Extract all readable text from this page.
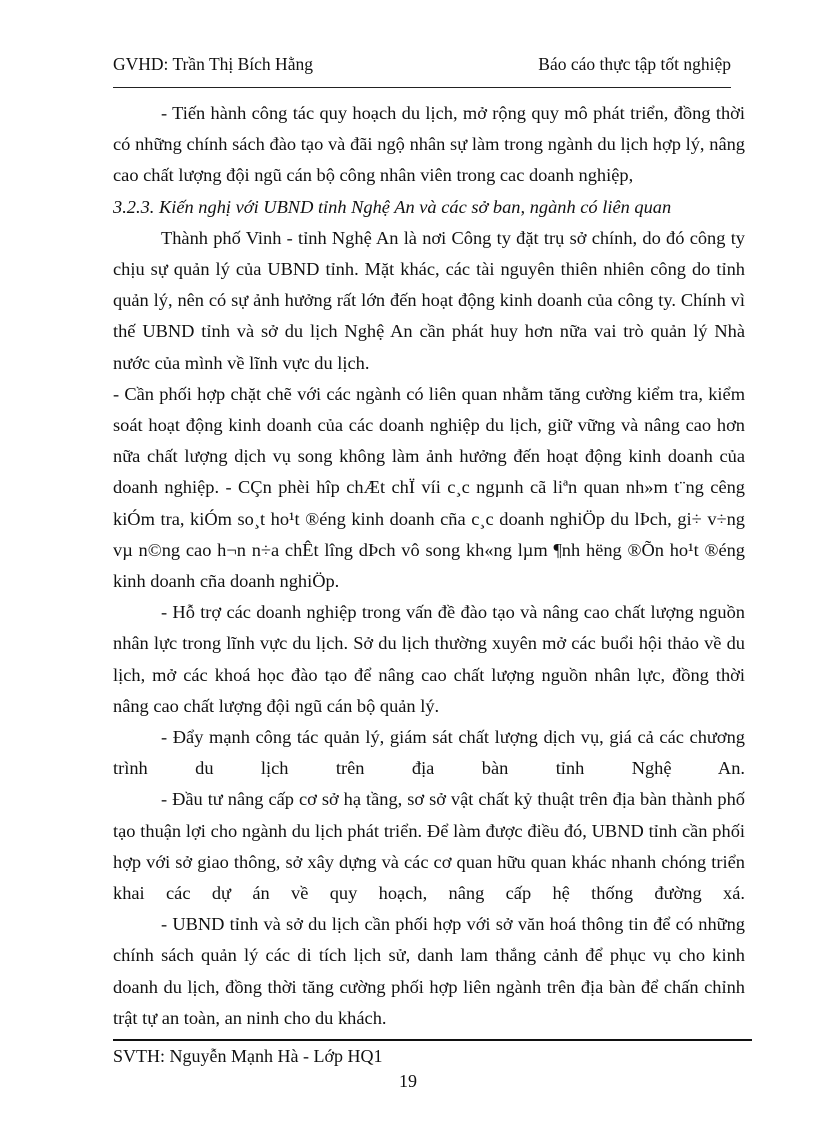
GVHD: Trần Thị Bích Hằng	Báo cáo thực tập tốt nghiệp

- Tiến hành công tác quy hoạch du lịch, mở rộng quy mô phát triển, đồng thời có những chính sách đào tạo và đãi ngộ nhân sự làm trong ngành du lịch hợp lý, nâng cao chất lượng đội ngũ cán bộ công nhân viên trong cac doanh nghiệp,

3.2.3. Kiến nghị với UBND tỉnh Nghệ An và các sở ban, ngành có liên quan

Thành phố Vinh - tỉnh Nghệ An là nơi Công ty đặt trụ sở chính, do đó công ty chịu sự quản lý của UBND tỉnh. Mặt khác, các tài nguyên thiên nhiên công do tỉnh quản lý, nên có sự ảnh hưởng rất lớn đến hoạt động kinh doanh của công ty. Chính vì thế UBND tỉnh và sở du lịch Nghệ An cần phát huy hơn nữa vai trò quản lý Nhà nước của mình về lĩnh vực du lịch.

- Cần phối hợp chặt chẽ với các ngành có liên quan nhằm tăng cường kiểm tra, kiểm soát hoạt động kinh doanh của các doanh nghiệp du lịch, giữ vững và nâng cao hơn nữa chất lượng dịch vụ song không làm ảnh hưởng đến hoạt động kinh doanh của doanh nghiệp. - CÇn phèi hîp chÆt chÏ víi c¸c ngµnh cã liªn quan nh»m t¨ng cêng kiÓm tra, kiÓm so¸t ho¹t ®éng kinh doanh cña c¸c doanh nghiÖp du lÞch, gi÷ v÷ng vµ n©ng cao h¬n n÷a chÊt lîng dÞch vô song kh«ng lµm ¶nh hëng ®Õn ho¹t ®éng kinh doanh cña doanh nghiÖp.

- Hỗ trợ các doanh nghiệp trong vấn đề đào tạo và nâng cao chất lượng nguồn nhân lực trong lĩnh vực du lịch. Sở du lịch thường xuyên mở các buổi hội thảo về du lịch, mở các khoá học đào tạo để nâng cao chất lượng nguồn nhân lực, đồng thời nâng cao chất lượng đội ngũ cán bộ quản lý.

- Đẩy mạnh công tác quản lý, giám sát chất lượng dịch vụ, giá cả các chương trình du lịch trên địa bàn tỉnh Nghệ An.

- Đầu tư nâng cấp cơ sở hạ tầng, sơ sở vật chất kỷ thuật trên địa bàn thành phố tạo thuận lợi cho ngành du lịch phát triển. Để làm được điều đó, UBND tỉnh cần phối hợp với sở giao thông, sở xây dựng và các cơ quan hữu quan khác nhanh chóng triển khai các dự án về quy hoạch, nâng cấp hệ thống đường xá.

- UBND tỉnh và sở du lịch cần phối hợp với sở văn hoá thông tin để có những chính sách quản lý các di tích lịch sử, danh lam thắng cảnh để phục vụ cho kinh doanh du lịch, đồng thời tăng cường phối hợp liên ngành trên địa bàn để chấn chỉnh trật tự an toàn, an ninh cho du khách.

SVTH: Nguyễn Mạnh Hà - Lớp HQ1
19
